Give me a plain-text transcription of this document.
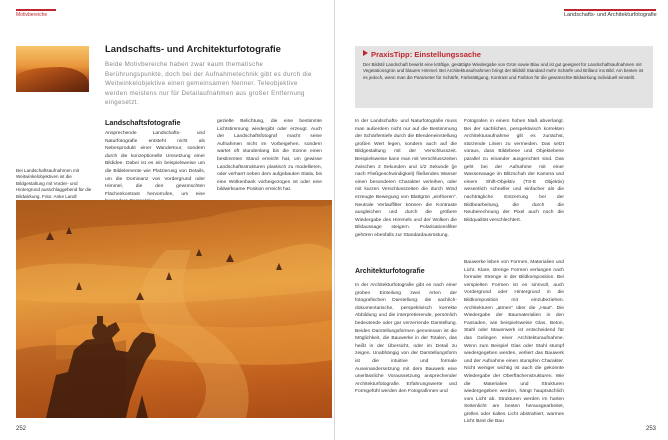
Motivbereiche
Landschafts- und Architekturfotografie

Beide Motivbereiche haben zwar kaum thematische Berührungspunkte, doch bei der Aufnahmetechnik gibt es durch die Weitwinkelobjektive einen gemeinsamen Nenner. Teleobjektive werden meistens nur für Detailaufnahmen aus großer Entfernung eingesetzt.

Landschaftsfotografie

Ansprechende Landschafts- und Naturfotografie entsteht nicht als Nebenprodukt einer Wandertour, sondern durch die konzeptionelle Umsetzung einer Bildidee. Dabei ist es ein beispielsweise um die Bildelemente wie Platzierung von Details, um die Dominanz von Vordergrund oder Himmel, die den gewünschten Flächenkontrast hervorrufen, um eine

gezielte Belichtung, die eine bestimmte Lichtstimmung wiedergibt oder erzeugt. Auch der Landschaftsfotograf macht seine Aufnahmen nicht im Vorbeigehen, sondern wartet oft stundenlang bis die Sonne einen bestimmten Stand erreicht hat, um gewisse Landschaftsstrukturen plastisch zu modellieren, oder verharrt neben dem aufgebauten Stativ, bis eine Wolkenbank vorbeigezogen ist oder eine bildwirksame Position erreicht hat.

Bei Landschaftsaufnahmen mit Weitwinkelobjektiven ist die Bildgestaltung mit Vorder- und Hintergrund ausschlaggebend für die Bildwirkung. Foto: Anke Landl

252
Landschafts- und Architekturfotografie
PraxisTipp: Einstellungssache

Der Bildstil Landschaft bewirkt eine kräftige, gesättigte Wiedergabe von Grün sowie Blau und ist gut geeignet für Landschaftsaufnahmen mit Vegetationsgrün und blauem Himmel. Bei Architekturaufnahmen bringt der Bildstil Standard mehr Schärfe und Brillanz ins Bild. Am besten ist es jedoch, wenn man die Parameter für Schärfe, Farbsättigung, Kontrast und Farbton für die gewünschte Bildwirkung individuell einstellt.

In der Landschafts- und Naturfotografie muss man außerdem nicht nur auf die Bestimmung der Schärfentiefe durch die Blendeneinstellung großen Wert legen, sondern auch auf die Bildgestaltung mit der Verschlusszeit. Beispielsweise kann man mit Verschlusszeiten zwischen 2 Sekunden und 1/2 Sekunde (je nach Fließgeschwindigkeit) fließendes Wasser einen besonderen Charakter verleihen, oder mit kurzen Verschlusszeiten die durch Wind erzeugte Bewegung von Blattgrün „einfrieren“. Neutrale Verlauffilter können die Kontraste ausgleichen und durch die größere Wiedergabe des Himmels und der Wolken die Bildaussage steigern. Polarisationsfilter gehören ebenfalls zur Standardausrüstung.

Fotografen in einem hohen Maß abverlangt. Bei der sachlichen, perspektivisch korrekten Architekturaufnahme gilt es zunächst, stürzende Linien zu vermeiden. Das setzt voraus, dass Bildebene und Objektebene parallel zu einander ausgerichtet sind. Das geht bei der Aufnahme mit einer Wasserwaage im Blitzschuh der Kamera und einem Shift-Objektiv (TS-E Objektiv) wesentlich schneller und einfacher als die nachträgliche Entzerrung bei der Bildbearbeitung, die durch die Neuberechnung der Pixel auch noch die Bildqualität verschlechtert.

Architekturfotografie

In der Architekturfotografie gibt es nach einer groben Einteilung zwei Arten der fotografischen Darstellung: die sachlich-dokumentarische, perspektivisch korrekte Abbildung und die interpretierende, persönlich bedeutende oder gar verzerrende Darstellung. Beiden Darstellungsformen gemeinsam ist die Möglichkeit, die Bauwerke in der Totalen, das heißt in der Übersicht, oder im Detail zu zeigen. Unabhängig von der Darstellungsform ist die intuitive und formale Auseinandersetzung mit dem Bauwerk eine unerlässliche Voraussetzung ansprechender Architekturfotografie. Erfahrungswerte und Formgefühl werden den Fotografinnen und

Bauwerke leben von Formen, Materialien und Licht. Klare, strenge Formen verlangen nach formaler Strenge in der Bildkomposition. Bei verspielten Formen ist es sinnvoll, auch Vordergrund oder Hintergrund in die Bildkomposition mit einzubeziehen. Architekturen „atmen“ über die „Haut“. Die Wiedergabe der Baumaterialien in den Fassaden, wie beispielsweise Glas, Beton, Stahl oder Mauerwerk ist entscheidend für das Gelingen einer Architekturaufnahme. Wenn zum Beispiel Glas oder Stahl stumpf wiedergegeben werden, verliert das Bauwerk und der Aufnahme einen stumpfen Charakter. Nicht weniger wichtig ist auch die gekonnte Wiedergabe der Oberflächenstrukturen. Wie die Materialien und Strukturen wiedergegeben werden, hängt hauptsächlich vom Licht ab. Strukturen werden im harten Seitenlicht am besten herausgearbeitet, grelles oder kaltes Licht abstrahiert, warmes Licht lässt die Bau

253
